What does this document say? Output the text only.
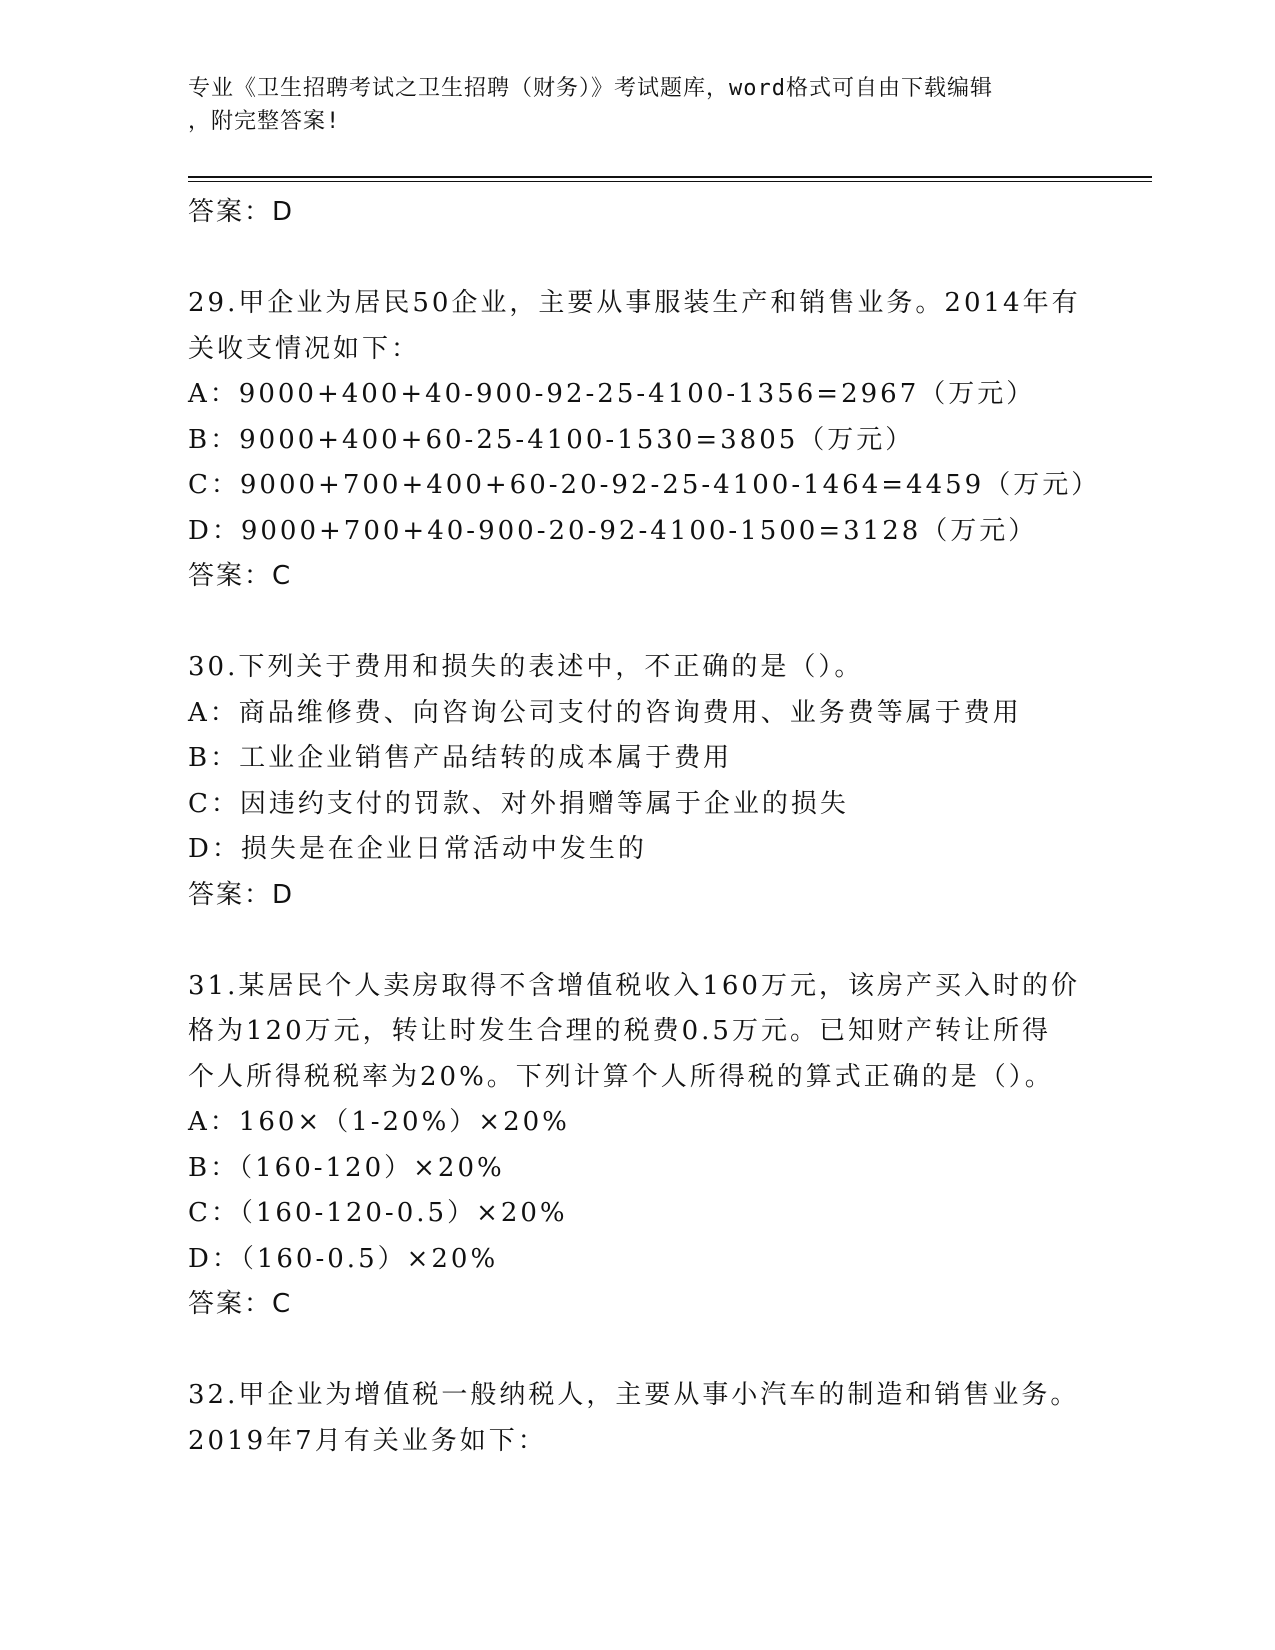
专业《卫生招聘考试之卫生招聘（财务）》考试题库，word格式可自由下载编辑
，附完整答案!
答案：D
29.甲企业为居民50企业，主要从事服装生产和销售业务。2014年有
关收支情况如下：
A：9000+400+40-900-92-25-4100-1356=2967（万元）
B：9000+400+60-25-4100-1530=3805（万元）
C：9000+700+400+60-20-92-25-4100-1464=4459（万元）
D：9000+700+40-900-20-92-4100-1500=3128（万元）
答案：C
30.下列关于费用和损失的表述中，不正确的是（）。
A：商品维修费、向咨询公司支付的咨询费用、业务费等属于费用
B：工业企业销售产品结转的成本属于费用
C：因违约支付的罚款、对外捐赠等属于企业的损失
D：损失是在企业日常活动中发生的
答案：D
31.某居民个人卖房取得不含增值税收入160万元，该房产买入时的价
格为120万元，转让时发生合理的税费0.5万元。已知财产转让所得
个人所得税税率为20%。下列计算个人所得税的算式正确的是（）。
A：160×（1-20%）×20%
B：（160-120）×20%
C：（160-120-0.5）×20%
D：（160-0.5）×20%
答案：C
32.甲企业为增值税一般纳税人，主要从事小汽车的制造和销售业务。
2019年7月有关业务如下：
